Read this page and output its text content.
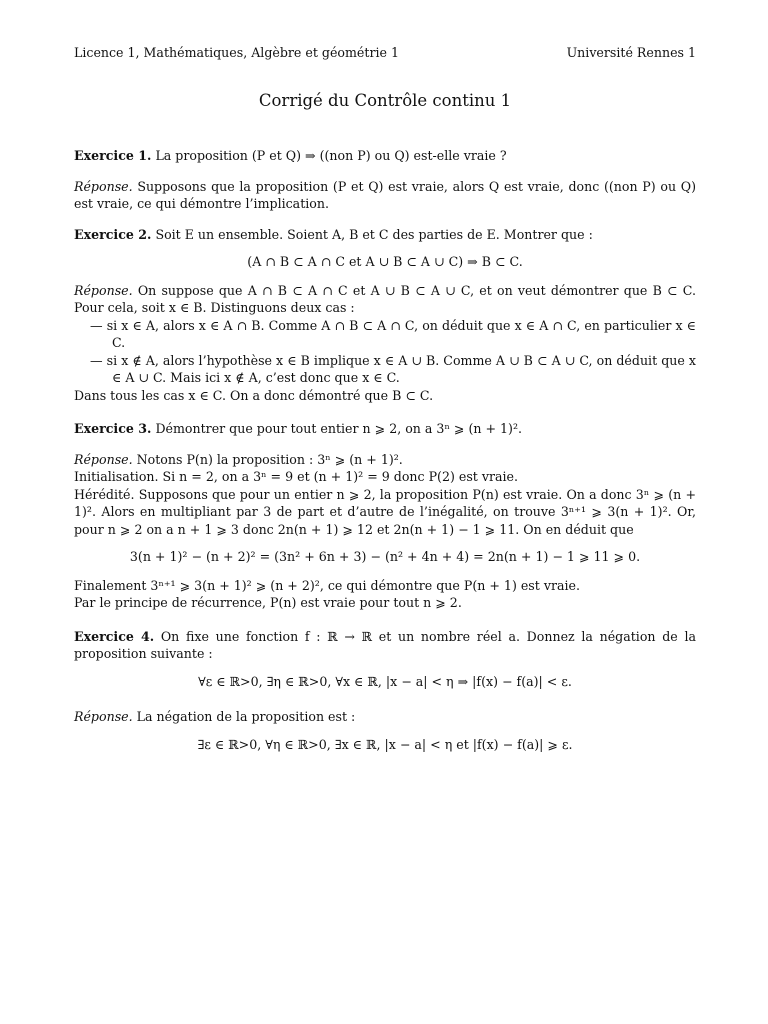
Licence 1, Mathématiques, Algèbre et géométrie 1	Université Rennes 1
Corrigé du Contrôle continu 1

Exercice 1. La proposition (P et Q) ⇒ ((non P) ou Q) est-elle vraie ?

Réponse. Supposons que la proposition (P et Q) est vraie, alors Q est vraie, donc ((non P) ou Q) est vraie, ce qui démontre l’implication.

Exercice 2. Soit E un ensemble. Soient A, B et C des parties de E. Montrer que :

(A ∩ B ⊂ A ∩ C et A ∪ B ⊂ A ∪ C) ⇒ B ⊂ C.

Réponse. On suppose que A ∩ B ⊂ A ∩ C et A ∪ B ⊂ A ∪ C, et on veut démontrer que B ⊂ C. Pour cela, soit x ∈ B. Distinguons deux cas :

— si x ∈ A, alors x ∈ A ∩ B. Comme A ∩ B ⊂ A ∩ C, on déduit que x ∈ A ∩ C, en particulier x ∈ C.
— si x ∉ A, alors l’hypothèse x ∈ B implique x ∈ A ∪ B. Comme A ∪ B ⊂ A ∪ C, on déduit que x ∈ A ∪ C. Mais ici x ∉ A, c’est donc que x ∈ C.

Dans tous les cas x ∈ C. On a donc démontré que B ⊂ C.

Exercice 3. Démontrer que pour tout entier n ⩾ 2, on a 3ⁿ ⩾ (n + 1)².

Réponse. Notons P(n) la proposition : 3ⁿ ⩾ (n + 1)².

Initialisation. Si n = 2, on a 3ⁿ = 9 et (n + 1)² = 9 donc P(2) est vraie.

Hérédité. Supposons que pour un entier n ⩾ 2, la proposition P(n) est vraie. On a donc 3ⁿ ⩾ (n + 1)². Alors en multipliant par 3 de part et d’autre de l’inégalité, on trouve 3ⁿ⁺¹ ⩾ 3(n + 1)². Or, pour n ⩾ 2 on a n + 1 ⩾ 3 donc 2n(n + 1) ⩾ 12 et 2n(n + 1) − 1 ⩾ 11. On en déduit que

3(n + 1)² − (n + 2)² = (3n² + 6n + 3) − (n² + 4n + 4) = 2n(n + 1) − 1 ⩾ 11 ⩾ 0.

Finalement 3ⁿ⁺¹ ⩾ 3(n + 1)² ⩾ (n + 2)², ce qui démontre que P(n + 1) est vraie.

Par le principe de récurrence, P(n) est vraie pour tout n ⩾ 2.

Exercice 4. On fixe une fonction f : ℝ → ℝ et un nombre réel a. Donnez la négation de la proposition suivante :

∀ε ∈ ℝ>0, ∃η ∈ ℝ>0, ∀x ∈ ℝ, |x − a| < η ⇒ |f(x) − f(a)| < ε.

Réponse. La négation de la proposition est :

∃ε ∈ ℝ>0, ∀η ∈ ℝ>0, ∃x ∈ ℝ, |x − a| < η et |f(x) − f(a)| ⩾ ε.
